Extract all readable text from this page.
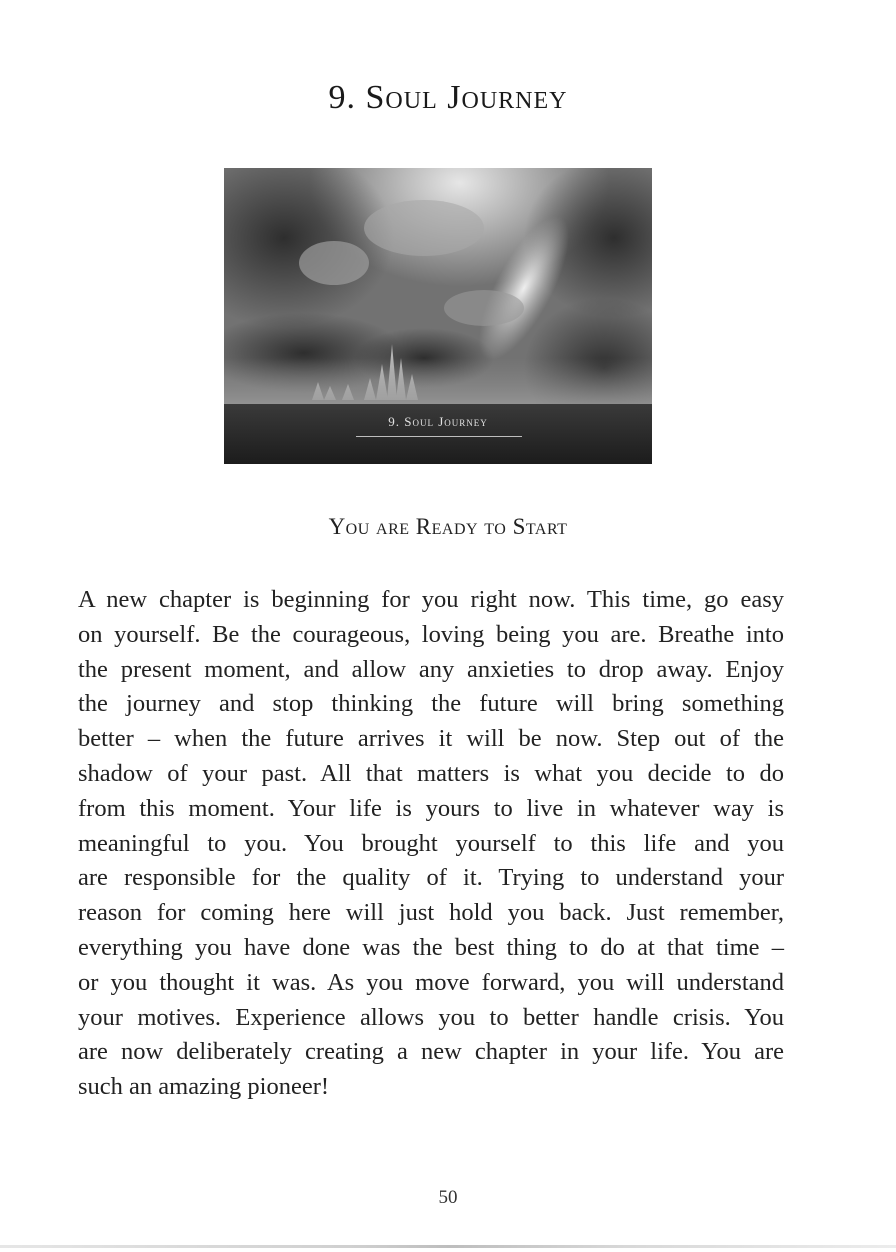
9. Soul Journey
9. Soul Journey
You are Ready to Start
A new chapter is beginning for you right now. This time, go easy
on yourself. Be the courageous, loving being you are. Breathe into
the present moment, and allow any anxieties to drop away. Enjoy
the journey and stop thinking the future will bring something
better – when the future arrives it will be now. Step out of the
shadow of your past. All that matters is what you decide to do
from this moment. Your life is yours to live in whatever way is
meaningful to you. You brought yourself to this life and you
are responsible for the quality of it. Trying to understand your
reason for coming here will just hold you back. Just remember,
everything you have done was the best thing to do at that time –
or you thought it was. As you move forward, you will understand
your motives. Experience allows you to better handle crisis. You
are now deliberately creating a new chapter in your life. You are
such an amazing pioneer!
50
